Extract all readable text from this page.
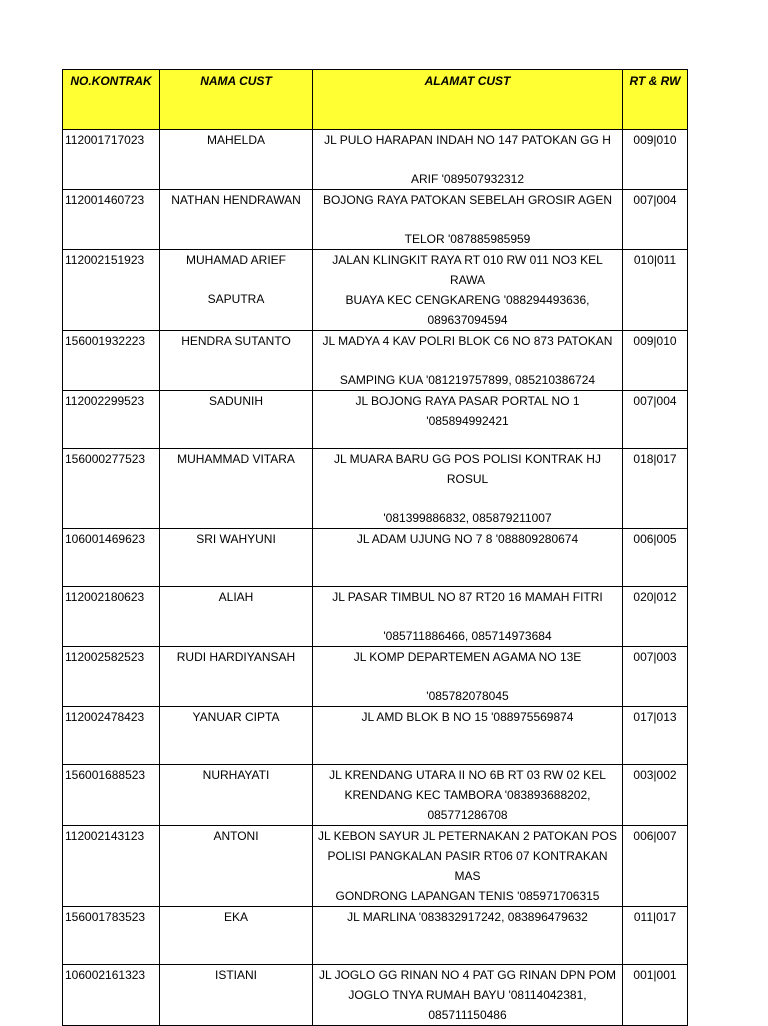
NO.KONTRAK	NAMA CUST	ALAMAT CUST	RT & RW
112001717023	MAHELDA	JL PULO HARAPAN INDAH NO 147 PATOKAN GG H
ARIF '089507932312	009|010
112001460723	NATHAN HENDRAWAN	BOJONG RAYA PATOKAN SEBELAH GROSIR AGEN
TELOR '087885985959	007|004
112002151923	MUHAMAD ARIEF
SAPUTRA	JALAN KLINGKIT RAYA RT 010 RW 011 NO3 KEL RAWA
BUAYA KEC CENGKARENG '088294493636,
089637094594	010|011
156001932223	HENDRA SUTANTO	JL MADYA 4 KAV POLRI BLOK C6 NO 873 PATOKAN
SAMPING KUA '081219757899, 085210386724	009|010
112002299523	SADUNIH	JL BOJONG RAYA PASAR PORTAL NO 1 '085894992421	007|004
156000277523	MUHAMMAD VITARA	JL MUARA BARU GG POS POLISI KONTRAK HJ ROSUL
'081399886832, 085879211007	018|017
106001469623	SRI WAHYUNI	JL ADAM UJUNG NO 7 8 '088809280674	006|005
112002180623	ALIAH	JL PASAR TIMBUL NO 87 RT20 16 MAMAH FITRI
'085711886466, 085714973684	020|012
112002582523	RUDI HARDIYANSAH	JL KOMP DEPARTEMEN AGAMA NO 13E
'085782078045	007|003
112002478423	YANUAR CIPTA	JL AMD BLOK B NO 15 '088975569874	017|013
156001688523	NURHAYATI	JL KRENDANG UTARA II NO 6B RT 03 RW 02 KEL
KRENDANG KEC TAMBORA '083893688202,
085771286708	003|002
112002143123	ANTONI	JL KEBON SAYUR JL PETERNAKAN 2 PATOKAN POS
POLISI PANGKALAN PASIR RT06 07 KONTRAKAN MAS
GONDRONG LAPANGAN TENIS '085971706315	006|007
156001783523	EKA	JL MARLINA '083832917242, 083896479632	011|017
106002161323	ISTIANI	JL JOGLO GG RINAN NO 4 PAT GG RINAN DPN POM
JOGLO TNYA RUMAH BAYU '08114042381,
085711150486	001|001
